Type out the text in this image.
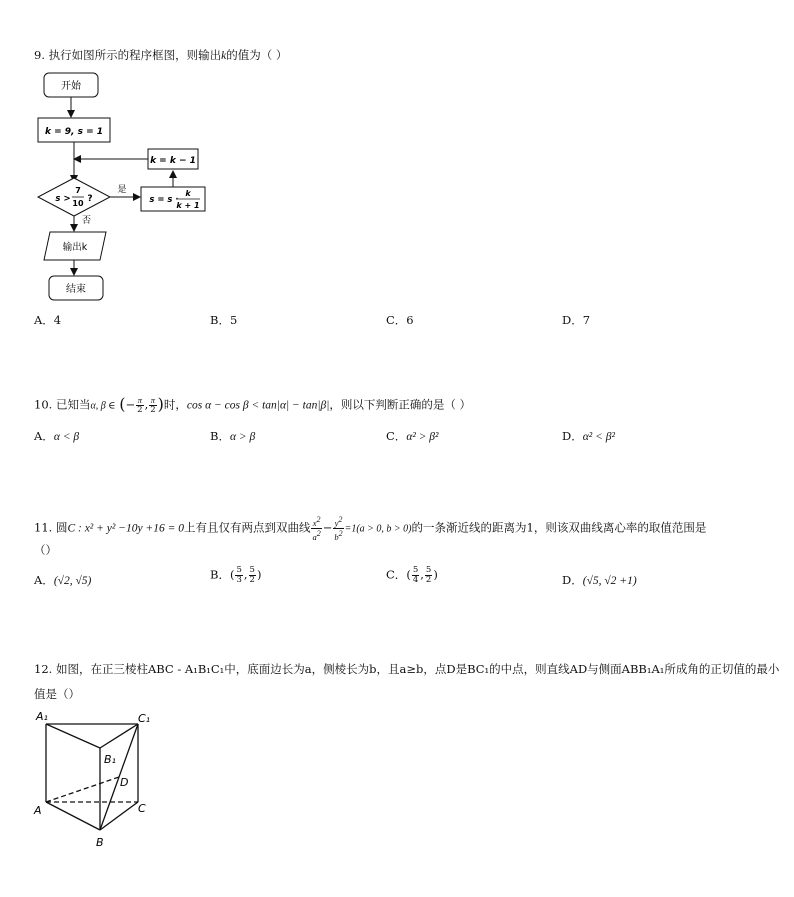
9. 执行如图所示的程序框图，则输出k的值为（ ）
开始
k = 9, s = 1
k = k − 1
s >
7
10 ?
是
s = s ·
k
k + 1
否
输出k
结束
A．4	B．5	C．6	D．7
10. 已知当α, β ∈ (− $\frac{\pi}{2}$ , $\frac{\pi}{2}$ )时，cos α − cos β < tan|α| − tan|β|，则以下判断正确的是（ ）
A．α < β	B．α > β	C．α² > β²	D．α² < β²
11. 圆C : x² + y² −10y +16 = 0上有且仅有两点到双曲线 $\frac{x^2}{a^2} - \frac{y^2}{b^2} =1(a > 0$, b > 0)的一条渐近线的距离为1，则该双曲线离心率的取值范围是
（）
A．(√2, √5)	B．( $\frac{5}{3}$ , $\frac{5}{2}$ )	C．( $\frac{5}{4}$ , $\frac{5}{2}$ )	D．(√5, √2 +1)
12. 如图，在正三棱柱ABC - A₁B₁C₁中，底面边长为a，侧棱长为b，且a≥b，点D是BC₁的中点，则直线AD与侧面ABB₁A₁所成角的正切值的最小
值是（）
A₁	C₁
B₁
D
A	C
B
